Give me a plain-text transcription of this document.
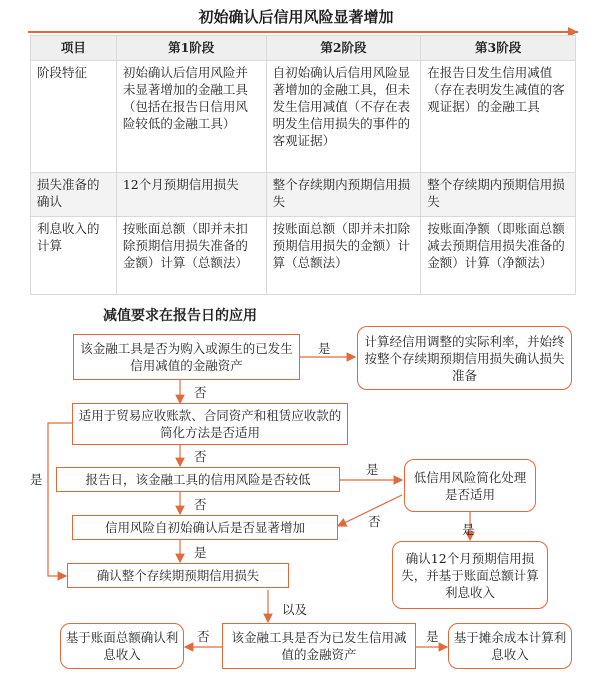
初始确认后信用风险显著增加
项目	第1阶段	第2阶段	第3阶段
阶段特征	初始确认后信用风险并未显著增加的金融工具（包括在报告日信用风险较低的金融工具）	自初始确认后信用风险显著增加的金融工具，但未发生信用减值（不存在表明发生信用损失的事件的客观证据）	在报告日发生信用减值（存在表明发生减值的客观证据）的金融工具
损失准备的确认	12个月预期信用损失	整个存续期内预期信用损失	整个存续期内预期信用损失
利息收入的计算	按账面总额（即并未扣除预期信用损失准备的金额）计算（总额法）	按账面总额（即并未扣除预期信用损失的金额）计算（总额法）	按账面净额（即账面总额减去预期信用损失准备的金额）计算（净额法）
减值要求在报告日的应用
该金融工具是否为购入或源生的已发生信用减值的金融资产
计算经信用调整的实际利率，并始终按整个存续期预期信用损失确认损失准备
适用于贸易应收账款、合同资产和租赁应收款的简化方法是否适用
报告日，该金融工具的信用风险是否较低	低信用风险简化处理是否适用
信用风险自初始确认后是否显著增加
确认12个月预期信用损失，并基于账面总额计算利息收入
确认整个存续期预期信用损失
基于账面总额确认利息收入
该金融工具是否为已发生信用减值的金融资产
基于摊余成本计算利息收入
是
否
否
是
是
否
否
是
是
以及
否	是
